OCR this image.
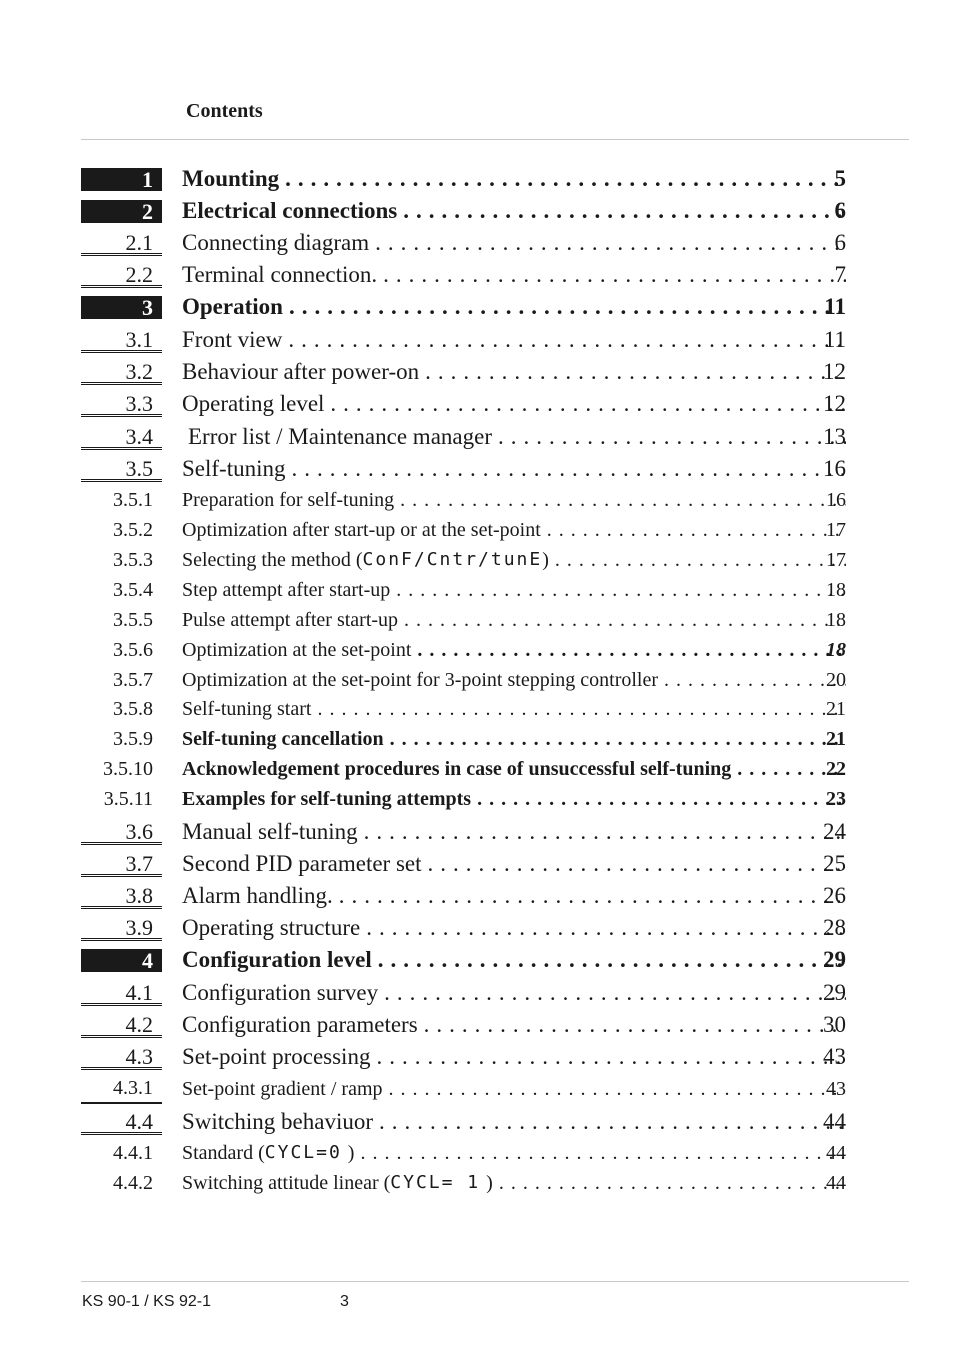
Contents
1	Mounting .....	5
2	Electrical connections .....	6
2.1	Connecting diagram .....	6
2.2	Terminal connection. .....	7
3	Operation .....	11
3.1	Front view .....	11
3.2	Behaviour after power-on .....	12
3.3	Operating level .....	12
3.4	Error list / Maintenance manager .....	13
3.5	Self-tuning .....	16
3.5.1	Preparation for self-tuning .....	16
3.5.2	Optimization after start-up or at the set-point .....	17
3.5.3	Selecting the method ( ConF/Cntr/tunE ) .....	17
3.5.4	Step attempt after start-up .....	18
3.5.5	Pulse attempt after start-up .....	18
3.5.6	Optimization at the set-point .....	18
3.5.7	Optimization at the set-point for 3-point stepping controller .....	20
3.5.8	Self-tuning start .....	21
3.5.9	Self-tuning cancellation .....	21
3.5.10	Acknowledgement procedures in case of unsuccessful self-tuning .....	22
3.5.11	Examples for self-tuning attempts .....	23
3.6	Manual self-tuning .....	24
3.7	Second PID parameter set .....	25
3.8	Alarm handling. .....	26
3.9	Operating structure .....	28
4	Configuration level .....	29
4.1	Configuration survey .....	29
4.2	Configuration parameters .....	30
4.3	Set-point processing .....	43
4.3.1	Set-point gradient / ramp .....	43
4.4	Switching behaviuor .....	44
4.4.1	Standard ( CYCL=0 ) .....	44
4.4.2	Switching attitude linear ( CYCL= 1 ) .....	44
KS 90-1 / KS 92-1	3
